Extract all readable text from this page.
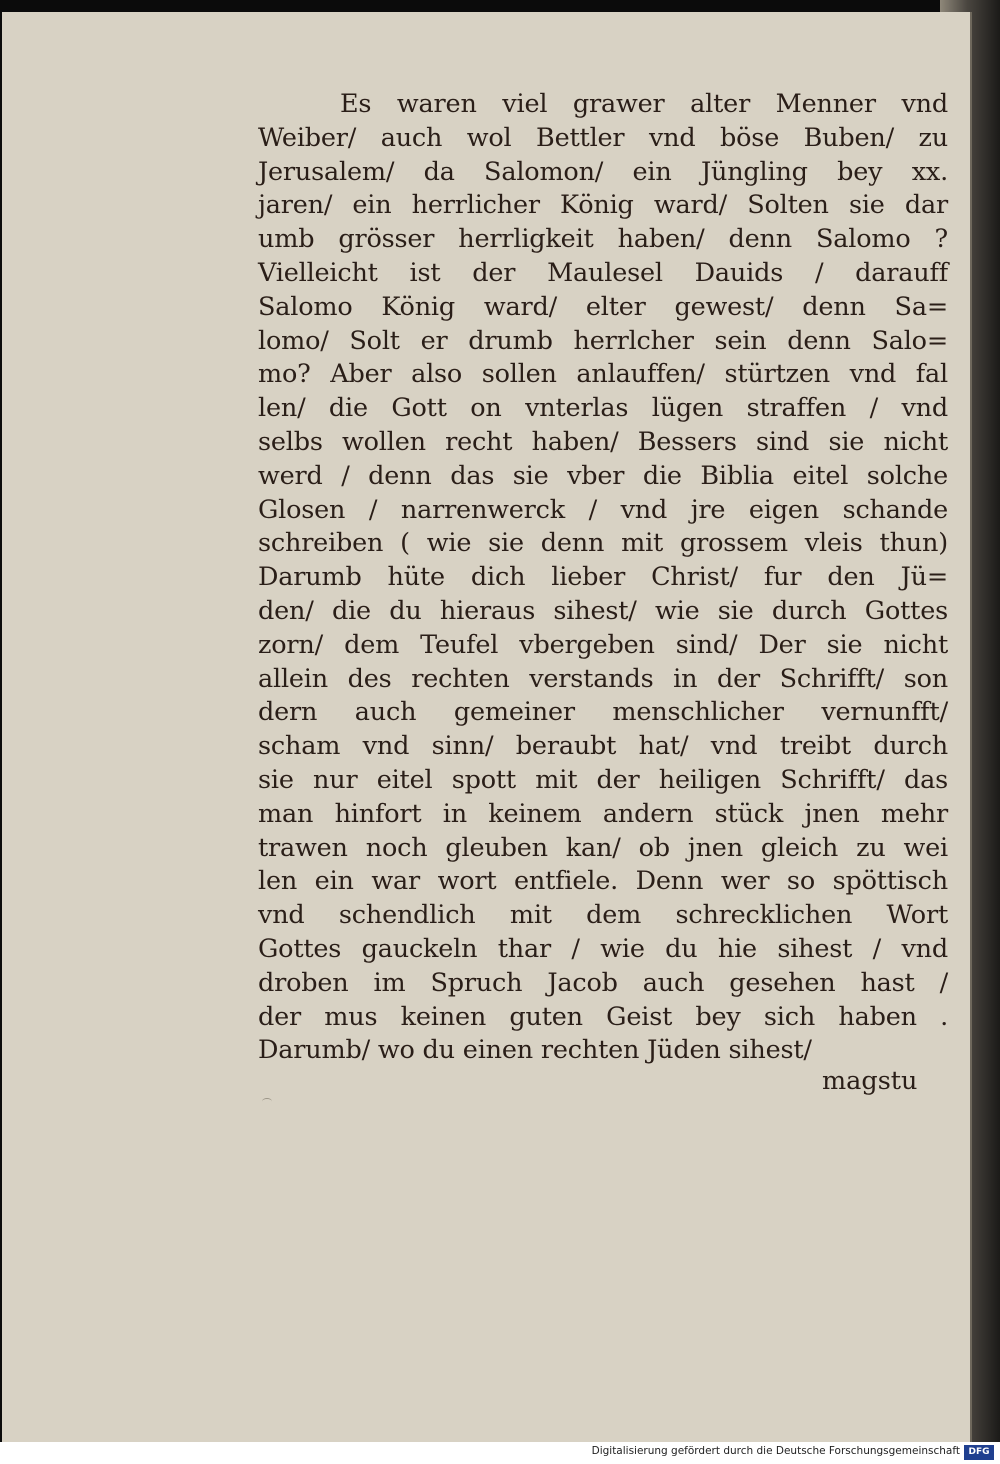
Es waren viel grawer alter Menner vnd
Weiber/ auch wol Bettler vnd böse Buben/ zu
Jerusalem/ da Salomon/ ein Jüngling bey xx.
jaren/ ein herrlicher König ward/ Solten sie dar
umb grösser herrligkeit haben/ denn Salomo ?
Vielleicht ist der Maulesel Dauids / darauff
Salomo König ward/ elter gewest/ denn Sa=
lomo/ Solt er drumb herrlcher sein denn Salo=
mo? Aber also sollen anlauffen/ stürtzen vnd fal
len/ die Gott on vnterlas lügen straffen / vnd
selbs wollen recht haben/ Bessers sind sie nicht
werd / denn das sie vber die Biblia eitel solche
Glosen / narrenwerck / vnd jre eigen schande
schreiben ( wie sie denn mit grossem vleis thun)
Darumb hüte dich lieber Christ/ fur den Jü=
den/ die du hieraus sihest/ wie sie durch Gottes
zorn/ dem Teufel vbergeben sind/ Der sie nicht
allein des rechten verstands in der Schrifft/ son
dern auch gemeiner menschlicher vernunfft/
scham vnd sinn/ beraubt hat/ vnd treibt durch
sie nur eitel spott mit der heiligen Schrifft/ das
man hinfort in keinem andern stück jnen mehr
trawen noch gleuben kan/ ob jnen gleich zu wei
len ein war wort entfiele. Denn wer so spöttisch
vnd schendlich mit dem schrecklichen Wort
Gottes gauckeln thar / wie du hie sihest / vnd
droben im Spruch Jacob auch gesehen hast /
der mus keinen guten Geist bey sich haben .
Darumb/ wo du einen rechten Jüden sihest/
magstu
Digitalisierung gefördert durch die Deutsche Forschungsgemeinschaft DFG
